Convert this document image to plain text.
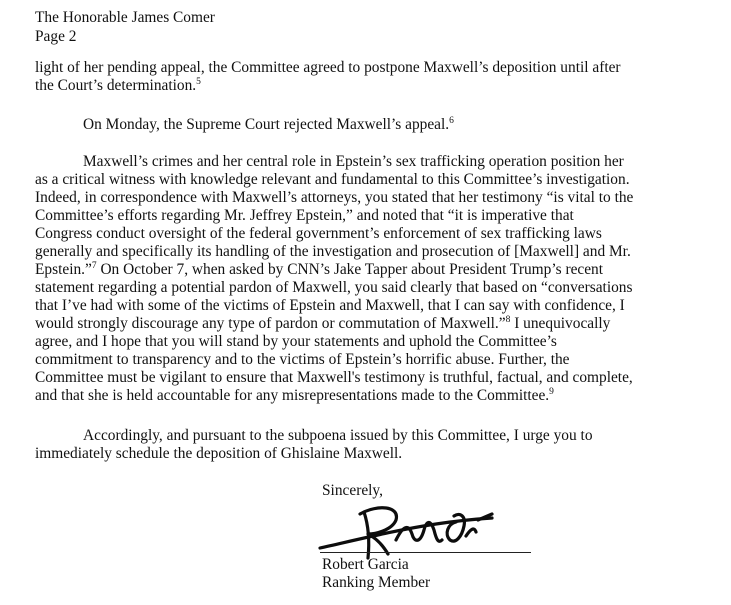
The Honorable James Comer
Page 2
light of her pending appeal, the Committee agreed to postpone Maxwell’s deposition until after
the Court’s determination.$^5$
On Monday, the Supreme Court rejected Maxwell’s appeal.$^6$
Maxwell’s crimes and her central role in Epstein’s sex trafficking operation position her
as a critical witness with knowledge relevant and fundamental to this Committee’s investigation.
Indeed, in correspondence with Maxwell’s attorneys, you stated that her testimony “is vital to the
Committee’s efforts regarding Mr. Jeffrey Epstein,” and noted that “it is imperative that
Congress conduct oversight of the federal government’s enforcement of sex trafficking laws
generally and specifically its handling of the investigation and prosecution of [Maxwell] and Mr.
Epstein.”$^7$ On October 7, when asked by CNN’s Jake Tapper about President Trump’s recent
statement regarding a potential pardon of Maxwell, you said clearly that based on “conversations
that I’ve had with some of the victims of Epstein and Maxwell, that I can say with confidence, I
would strongly discourage any type of pardon or commutation of Maxwell.”$^8$ I unequivocally
agree, and I hope that you will stand by your statements and uphold the Committee’s
commitment to transparency and to the victims of Epstein’s horrific abuse. Further, the
Committee must be vigilant to ensure that Maxwell's testimony is truthful, factual, and complete,
and that she is held accountable for any misrepresentations made to the Committee.$^9$
Accordingly, and pursuant to the subpoena issued by this Committee, I urge you to
immediately schedule the deposition of Ghislaine Maxwell.
Sincerely,
Robert Garcia
Ranking Member
